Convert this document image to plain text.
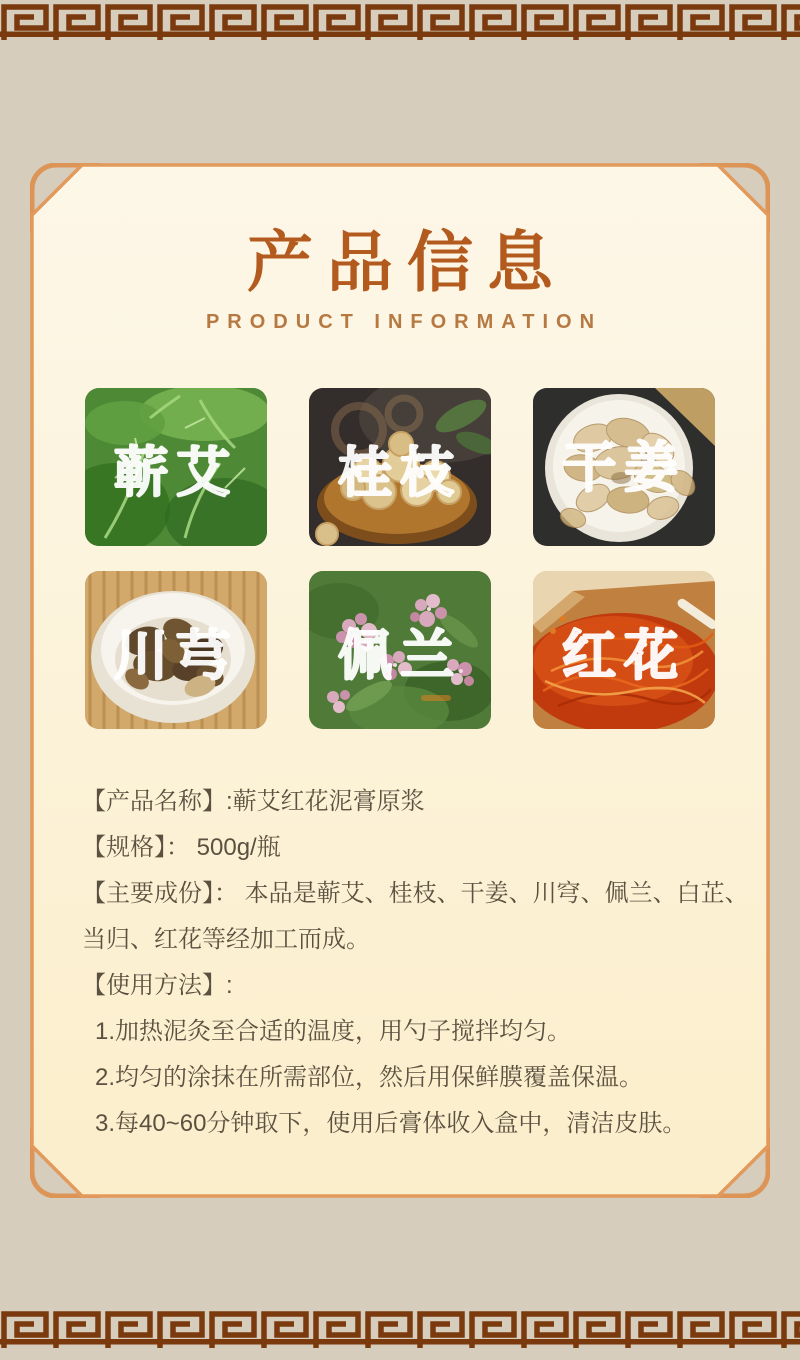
产品信息
PRODUCT INFORMATION
蕲艾 桂枝 干姜
川芎 佩兰 红花
【产品名称】:蕲艾红花泥膏原浆
【规格】： 500g/瓶
【主要成份】： 本品是蕲艾、桂枝、干姜、川穹、佩兰、白芷、
当归、红花等经加工而成。
【使用方法】:
1.加热泥灸至合适的温度，用勺子搅拌均匀。
2.均匀的涂抹在所需部位，然后用保鲜膜覆盖保温。
3.每40~60分钟取下，使用后膏体收入盒中，清洁皮肤。
